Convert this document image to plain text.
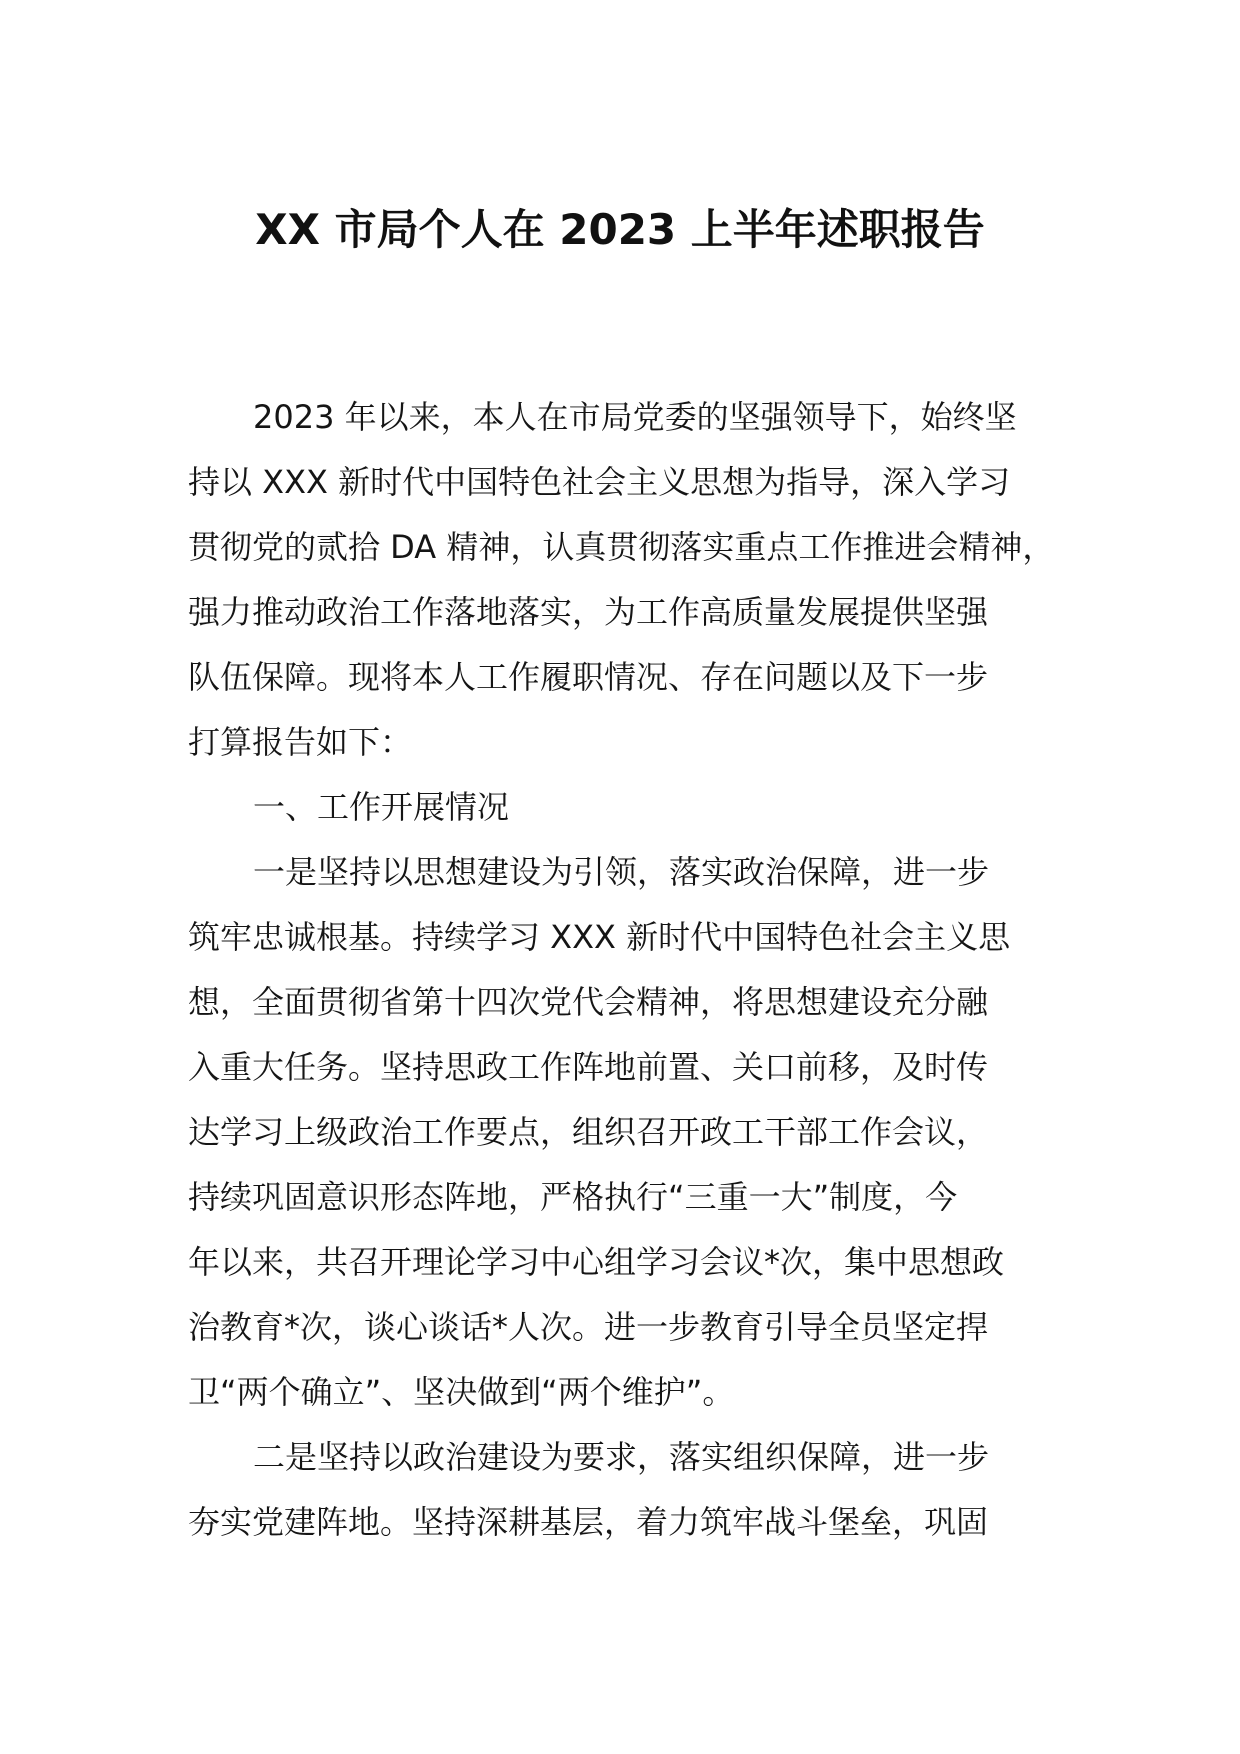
XX 市局个人在 2023 上半年述职报告
2023 年以来，本人在市局党委的坚强领导下，始终坚
持以 XXX 新时代中国特色社会主义思想为指导，深入学习
贯彻党的贰拾 DA 精神，认真贯彻落实重点工作推进会精神，
强力推动政治工作落地落实，为工作高质量发展提供坚强
队伍保障。现将本人工作履职情况、存在问题以及下一步
打算报告如下：
一、工作开展情况
一是坚持以思想建设为引领，落实政治保障，进一步
筑牢忠诚根基。持续学习 XXX 新时代中国特色社会主义思
想，全面贯彻省第十四次党代会精神，将思想建设充分融
入重大任务。坚持思政工作阵地前置、关口前移，及时传
达学习上级政治工作要点，组织召开政工干部工作会议，
持续巩固意识形态阵地，严格执行“三重一大”制度，今
年以来，共召开理论学习中心组学习会议*次，集中思想政
治教育*次，谈心谈话*人次。进一步教育引导全员坚定捍
卫“两个确立”、坚决做到“两个维护”。
二是坚持以政治建设为要求，落实组织保障，进一步
夯实党建阵地。坚持深耕基层，着力筑牢战斗堡垒，巩固
